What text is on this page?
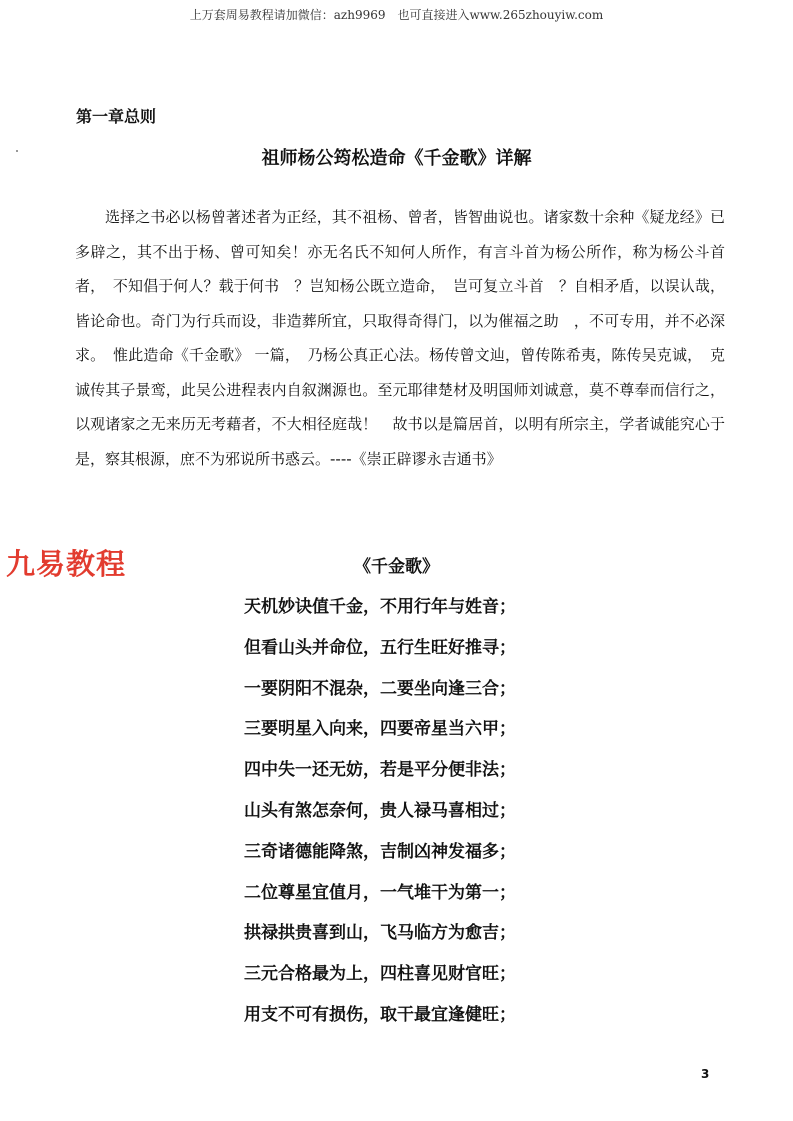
上万套周易教程请加微信：azh9969　也可直接进入www.265zhouyiw.com
第一章总则
祖师杨公筠松造命《千金歌》详解
选择之书必以杨曾著述者为正经，其不祖杨、曾者，皆智曲说也。诸家数十余种《疑龙经》已多辟之，其不出于杨、曾可知矣！亦无名氏不知何人所作，有言斗首为杨公所作，称为杨公斗首者，　不知倡于何人？载于何书　？岂知杨公既立造命，　岂可复立斗首　？自相矛盾，以误认哉，皆论命也。奇门为行兵而设，非造葬所宜，只取得奇得门，以为催福之助　，不可专用，并不必深求。　惟此造命《千金歌》 一篇，　乃杨公真正心法。杨传曾文辿，曾传陈希夷，陈传吴克诚，　克诚传其子景鸾，此吴公进程表内自叙渊源也。至元耶律楚材及明国师刘诚意，莫不尊奉而信行之，以观诸家之无来历无考藉者，不大相径庭哉！　故书以是篇居首，以明有所宗主，学者诚能究心于是，察其根源，庶不为邪说所书惑云。----《崇正辟谬永吉通书》
九易教程	《千金歌》
天机妙诀值千金，不用行年与姓音；
但看山头并命位，五行生旺好推寻；
一要阴阳不混杂，二要坐向逢三合；
三要明星入向来，四要帝星当六甲；
四中失一还无妨，若是平分便非法；
山头有煞怎奈何，贵人禄马喜相过；
三奇诸德能降煞，吉制凶神发福多；
二位尊星宜值月，一气堆干为第一；
拱禄拱贵喜到山，飞马临方为愈吉；
三元合格最为上，四柱喜见财官旺；
用支不可有损伤，取干最宜逢健旺；
3
